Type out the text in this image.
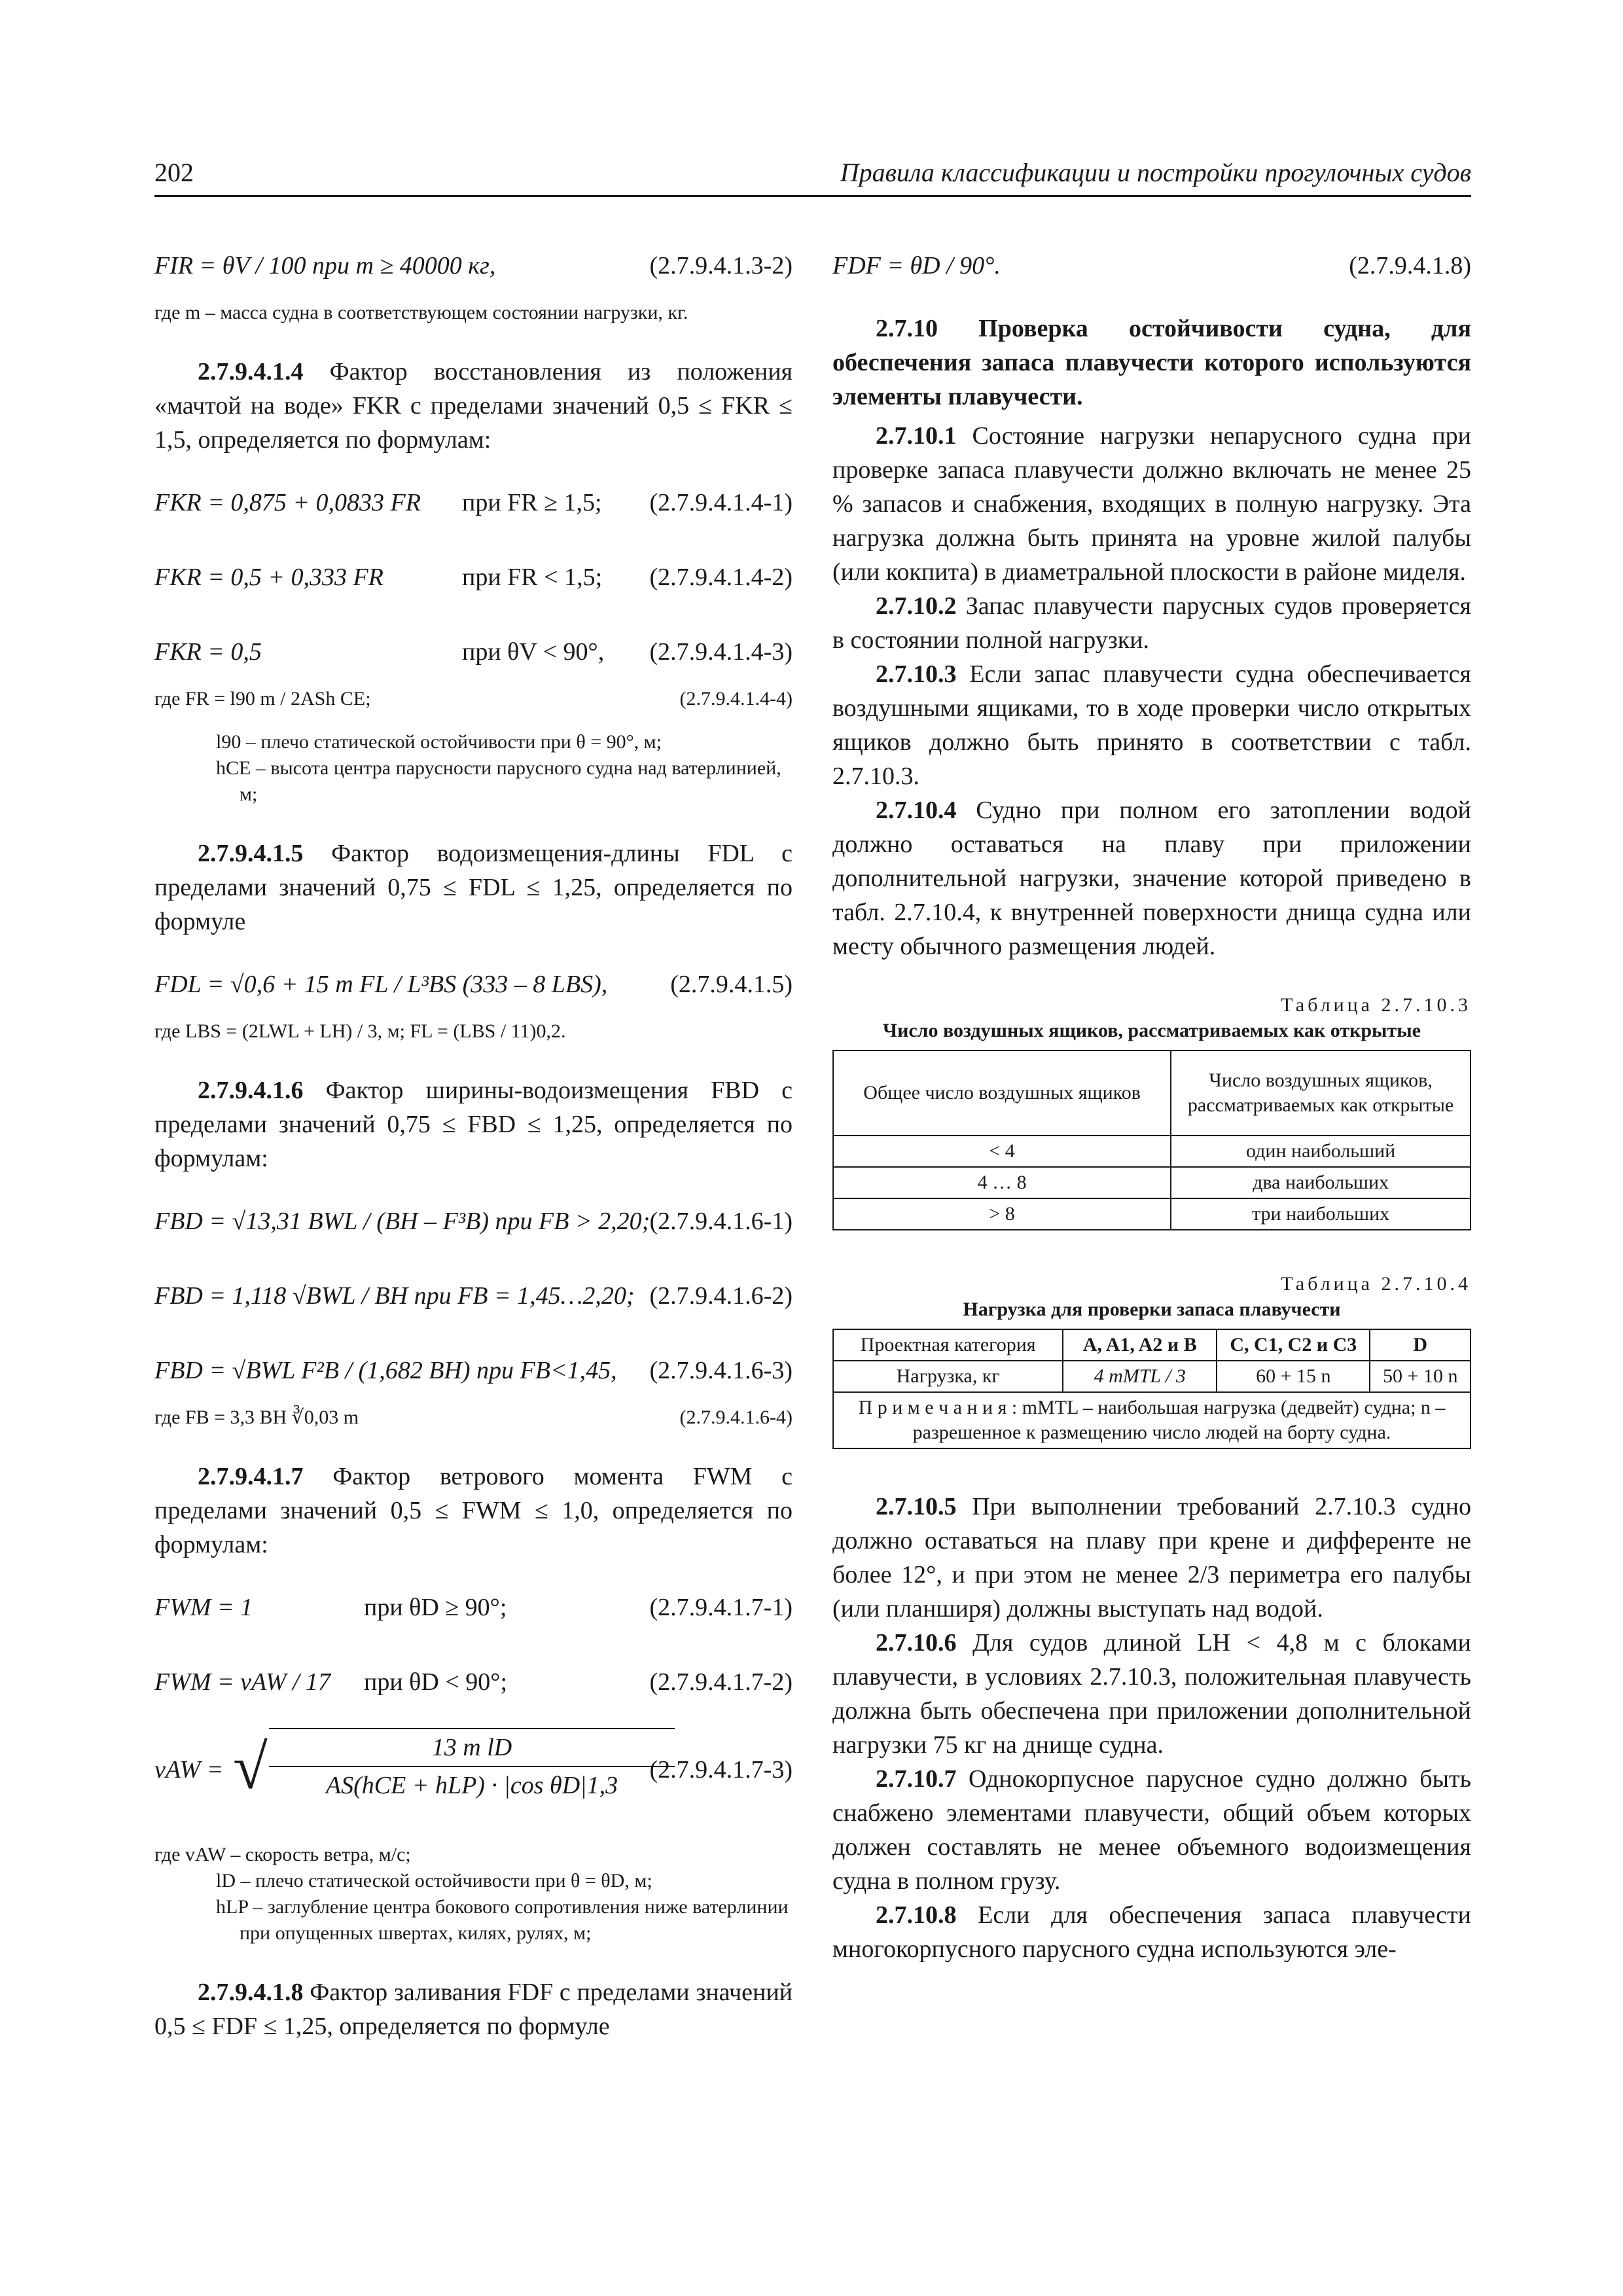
202	Правила классификации и постройки прогулочных судов
FIR = θV / 100 при m ≥ 40000 кг,	(2.7.9.4.1.3-2)
где m – масса судна в соответствующем состоянии нагрузки, кг.

2.7.9.4.1.4 Фактор восстановления из положения «мачтой на воде» FKR с пределами значений 0,5 ≤ FKR ≤ 1,5, определяется по формулам:

FKR = 0,875 + 0,0833 FR при FR ≥ 1,5; (2.7.9.4.1.4-1)
FKR = 0,5 + 0,333 FR	при FR < 1,5; (2.7.9.4.1.4-2)
FKR = 0,5	при θV < 90°, (2.7.9.4.1.4-3)
где FR = l90 m / 2ASh CE;	(2.7.9.4.1.4-4)
l90 – плечо статической остойчивости при θ = 90°, м;
hCE – высота центра парусности парусного судна над ватерлинией, м;

2.7.9.4.1.5 Фактор водоизмещения-длины FDL с пределами значений 0,75 ≤ FDL ≤ 1,25, определяется по формуле

FDL = √0,6 + 15 m FL / L³BS (333 – 8 LBS),	(2.7.9.4.1.5)
где LBS = (2LWL + LH) / 3, м; FL = (LBS / 11)0,2.

2.7.9.4.1.6 Фактор ширины-водоизмещения FBD с пределами значений 0,75 ≤ FBD ≤ 1,25, определяется по формулам:

FBD = √13,31 BWL / (BH – F³B) при FB > 2,20; (2.7.9.4.1.6-1)
FBD = 1,118 √BWL / BH при FB = 1,45…2,20; (2.7.9.4.1.6-2)
FBD = √BWL F²B / (1,682 BH) при FB<1,45, (2.7.9.4.1.6-3)
где FB = 3,3 BH ∛0,03 m	(2.7.9.4.1.6-4)

2.7.9.4.1.7 Фактор ветрового момента FWM с пределами значений 0,5 ≤ FWM ≤ 1,0, определяется по формулам:

FWM = 1	при θD ≥ 90°;	(2.7.9.4.1.7-1)
FWM = vAW / 17 при θD < 90°;	(2.7.9.4.1.7-2)
vAW = √	13 m lD
AS(hCE + hLP) · |cos θD|1,3
(2.7.9.4.1.7-3)
где vAW – скорость ветра, м/с;
lD – плечо статической остойчивости при θ = θD, м;
hLP – заглубление центра бокового сопротивления ниже ватерлинии при опущенных швертах, килях, рулях, м;

2.7.9.4.1.8 Фактор заливания FDF с пределами значений 0,5 ≤ FDF ≤ 1,25, определяется по формуле

FDF = θD / 90°.	(2.7.9.4.1.8)

2.7.10 Проверка остойчивости судна, для обеспечения запаса плавучести которого используются элементы плавучести.

2.7.10.1 Состояние нагрузки непарусного судна при проверке запаса плавучести должно включать не менее 25 % запасов и снабжения, входящих в полную нагрузку. Эта нагрузка должна быть принята на уровне жилой палубы (или кокпита) в диаметральной плоскости в районе миделя.

2.7.10.2 Запас плавучести парусных судов проверяется в состоянии полной нагрузки.

2.7.10.3 Если запас плавучести судна обеспечивается воздушными ящиками, то в ходе проверки число открытых ящиков должно быть принято в соответствии с табл. 2.7.10.3.

2.7.10.4 Судно при полном его затоплении водой должно оставаться на плаву при приложении дополнительной нагрузки, значение которой приведено в табл. 2.7.10.4, к внутренней поверхности днища судна или месту обычного размещения людей.

Таблица 2.7.10.3
Число воздушных ящиков, рассматриваемых как открытые
Общее число воздушных ящиков	Число воздушных ящиков, рассматриваемых как открытые
< 4	один наибольший
4 … 8	два наибольших
> 8	три наибольших
Таблица 2.7.10.4
Нагрузка для проверки запаса плавучести
Проектная категория	A, A1, A2 и B	C, C1, C2 и C3	D
Нагрузка, кг	4 mMTL / 3	60 + 15 n	50 + 10 n
П р и м е ч а н и я : mMTL – наибольшая нагрузка (дедвейт) судна; n – разрешенное к размещению число людей на борту судна.			

2.7.10.5 При выполнении требований 2.7.10.3 судно должно оставаться на плаву при крене и дифференте не более 12°, и при этом не менее 2/3 периметра его палубы (или планширя) должны выступать над водой.

2.7.10.6 Для судов длиной LH < 4,8 м с блоками плавучести, в условиях 2.7.10.3, положительная плавучесть должна быть обеспечена при приложении дополнительной нагрузки 75 кг на днище судна.

2.7.10.7 Однокорпусное парусное судно должно быть снабжено элементами плавучести, общий объем которых должен составлять не менее объемного водоизмещения судна в полном грузу.

2.7.10.8 Если для обеспечения запаса плавучести многокорпусного парусного судна используются эле-
